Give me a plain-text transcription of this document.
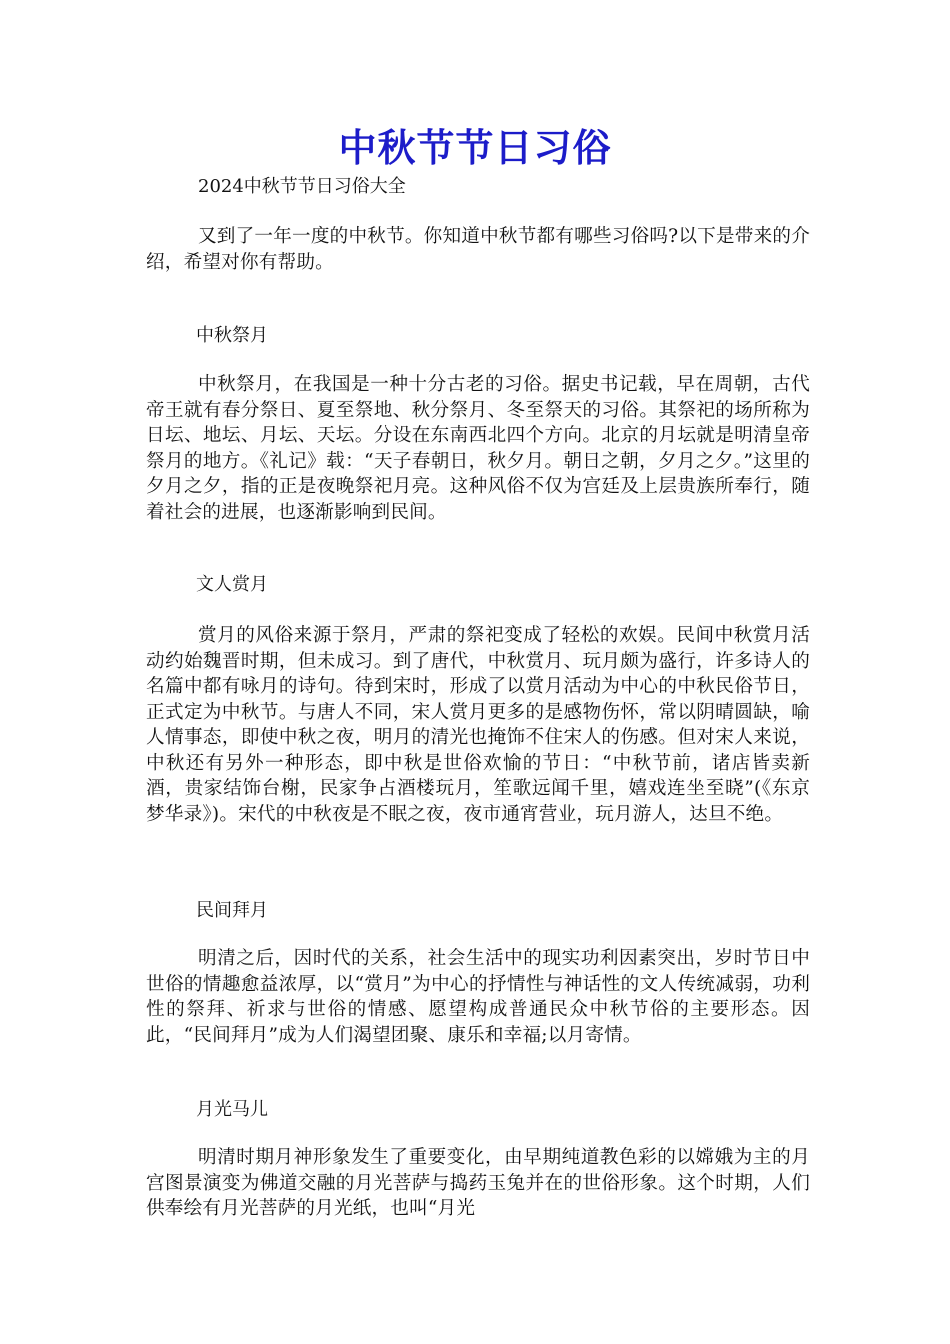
中秋节节日习俗

2024中秋节节日习俗大全

又到了一年一度的中秋节。你知道中秋节都有哪些习俗吗?以下是带来的介绍，希望对你有帮助。

中秋祭月

中秋祭月，在我国是一种十分古老的习俗。据史书记载，早在周朝，古代帝王就有春分祭日、夏至祭地、秋分祭月、冬至祭天的习俗。其祭祀的场所称为日坛、地坛、月坛、天坛。分设在东南西北四个方向。北京的月坛就是明清皇帝祭月的地方。《礼记》载：“天子春朝日，秋夕月。朝日之朝，夕月之夕。”这里的夕月之夕，指的正是夜晚祭祀月亮。这种风俗不仅为宫廷及上层贵族所奉行，随着社会的进展，也逐渐影响到民间。

文人赏月

赏月的风俗来源于祭月，严肃的祭祀变成了轻松的欢娱。民间中秋赏月活动约始魏晋时期，但未成习。到了唐代，中秋赏月、玩月颇为盛行，许多诗人的名篇中都有咏月的诗句。待到宋时，形成了以赏月活动为中心的中秋民俗节日，正式定为中秋节。与唐人不同，宋人赏月更多的是感物伤怀，常以阴晴圆缺，喻人情事态，即使中秋之夜，明月的清光也掩饰不住宋人的伤感。但对宋人来说，中秋还有另外一种形态，即中秋是世俗欢愉的节日：“中秋节前，诸店皆卖新酒，贵家结饰台榭，民家争占酒楼玩月，笙歌远闻千里，嬉戏连坐至晓”(《东京梦华录》)。宋代的中秋夜是不眠之夜，夜市通宵营业，玩月游人，达旦不绝。

民间拜月

明清之后，因时代的关系，社会生活中的现实功利因素突出，岁时节日中世俗的情趣愈益浓厚，以“赏月”为中心的抒情性与神话性的文人传统减弱，功利性的祭拜、祈求与世俗的情感、愿望构成普通民众中秋节俗的主要形态。因此，“民间拜月”成为人们渴望团聚、康乐和幸福;以月寄情。

月光马儿

明清时期月神形象发生了重要变化，由早期纯道教色彩的以嫦娥为主的月宫图景演变为佛道交融的月光菩萨与捣药玉兔并在的世俗形象。这个时期，人们供奉绘有月光菩萨的月光纸，也叫“月光
